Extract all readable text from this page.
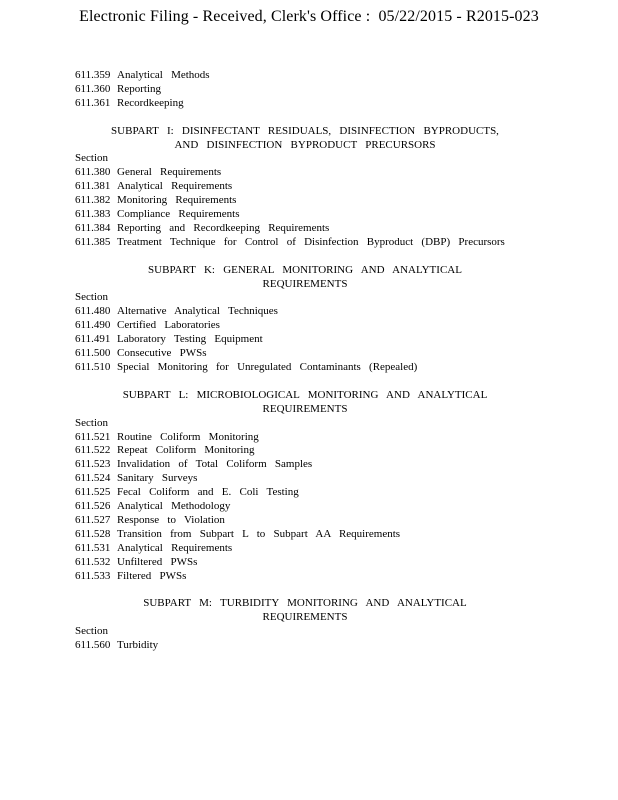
Electronic Filing - Received, Clerk's Office :  05/22/2015 - R2015-023
611.359 Analytical Methods
611.360 Reporting
611.361 Recordkeeping
SUBPART I: DISINFECTANT RESIDUALS, DISINFECTION BYPRODUCTS,
AND DISINFECTION BYPRODUCT PRECURSORS
Section
611.380 General Requirements
611.381 Analytical Requirements
611.382 Monitoring Requirements
611.383 Compliance Requirements
611.384 Reporting and Recordkeeping Requirements
611.385 Treatment Technique for Control of Disinfection Byproduct (DBP) Precursors
SUBPART K: GENERAL MONITORING AND ANALYTICAL
REQUIREMENTS
Section
611.480 Alternative Analytical Techniques
611.490 Certified Laboratories
611.491 Laboratory Testing Equipment
611.500 Consecutive PWSs
611.510 Special Monitoring for Unregulated Contaminants (Repealed)
SUBPART L: MICROBIOLOGICAL MONITORING AND ANALYTICAL
REQUIREMENTS
Section
611.521 Routine Coliform Monitoring
611.522 Repeat Coliform Monitoring
611.523 Invalidation of Total Coliform Samples
611.524 Sanitary Surveys
611.525 Fecal Coliform and E. Coli Testing
611.526 Analytical Methodology
611.527 Response to Violation
611.528 Transition from Subpart L to Subpart AA Requirements
611.531 Analytical Requirements
611.532 Unfiltered PWSs
611.533 Filtered PWSs
SUBPART M: TURBIDITY MONITORING AND ANALYTICAL
REQUIREMENTS
Section
611.560 Turbidity
